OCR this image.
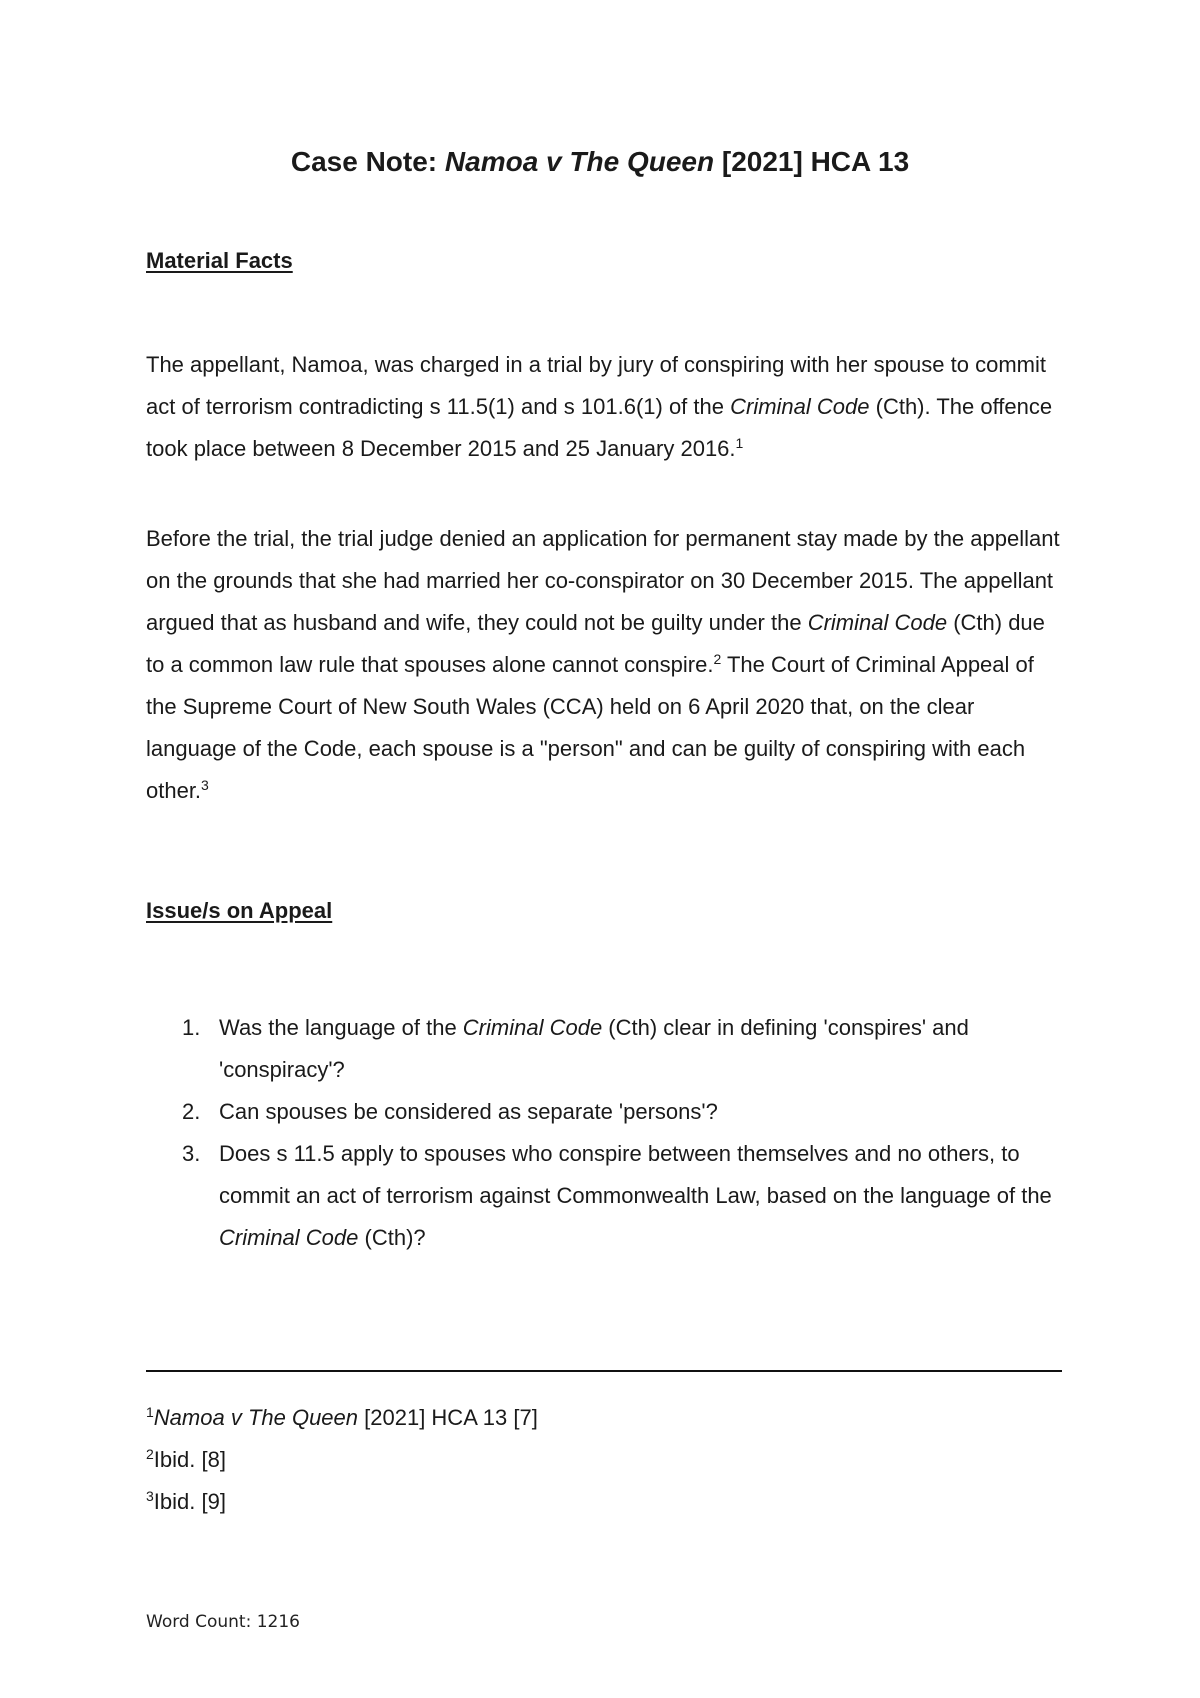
Case Note: Namoa v The Queen [2021] HCA 13
Material Facts

The appellant, Namoa, was charged in a trial by jury of conspiring with her spouse to commit act of terrorism contradicting s 11.5(1) and s 101.6(1) of the Criminal Code (Cth). The offence took place between 8 December 2015 and 25 January 2016.$^1$

Before the trial, the trial judge denied an application for permanent stay made by the appellant on the grounds that she had married her co-conspirator on 30 December 2015. The appellant argued that as husband and wife, they could not be guilty under the Criminal Code (Cth) due to a common law rule that spouses alone cannot conspire.$^2$ The Court of Criminal Appeal of the Supreme Court of New South Wales (CCA) held on 6 April 2020 that, on the clear language of the Code, each spouse is a "person" and can be guilty of conspiring with each other.$^3$

Issue/s on Appeal
1. Was the language of the Criminal Code (Cth) clear in defining 'conspires' and 'conspiracy'?
2. Can spouses be considered as separate 'persons'?
3. Does s 11.5 apply to spouses who conspire between themselves and no others, to commit an act of terrorism against Commonwealth Law, based on the language of the Criminal Code (Cth)?
$^1$Namoa v The Queen [2021] HCA 13 [7]
$^2$Ibid. [8]
$^3$Ibid. [9]
Word Count: 1216
